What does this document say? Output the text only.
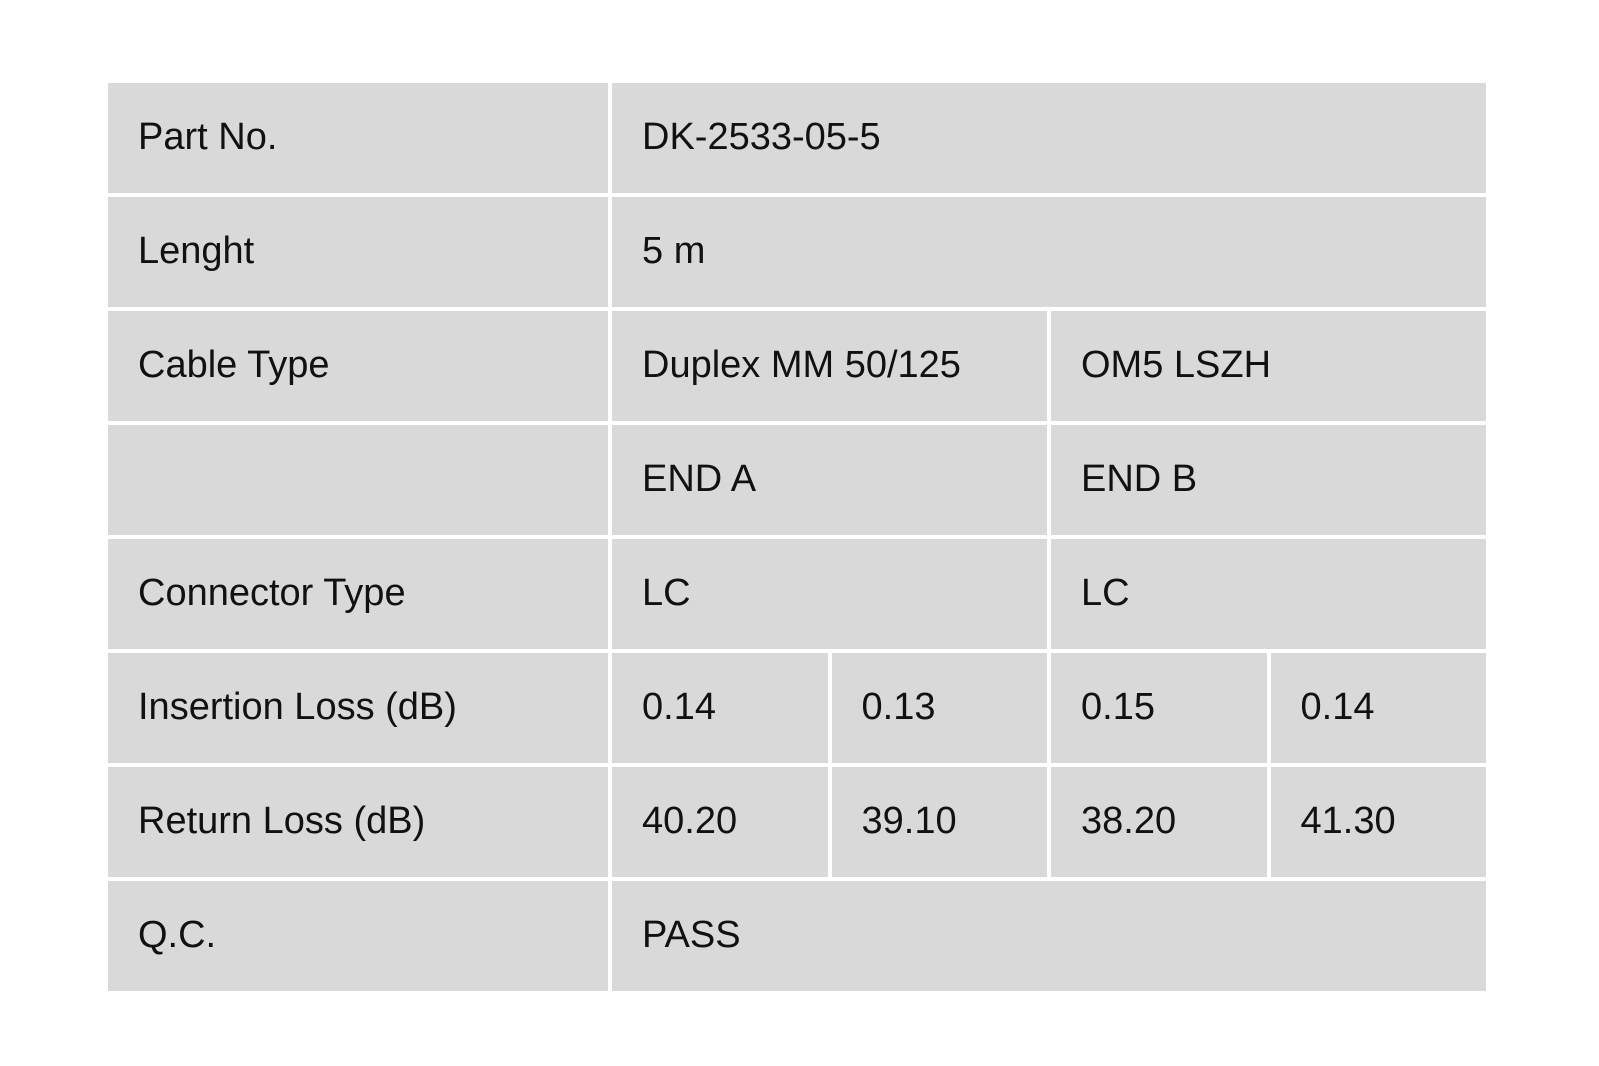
Part No.	DK-2533-05-5			
Lenght	5 m			
Cable Type	Duplex MM 50/125		OM5 LSZH	
	END A		END B	
Connector Type	LC		LC	
Insertion Loss (dB)	0.14	0.13	0.15	0.14
Return Loss (dB)	40.20	39.10	38.20	41.30
Q.C.	PASS			
